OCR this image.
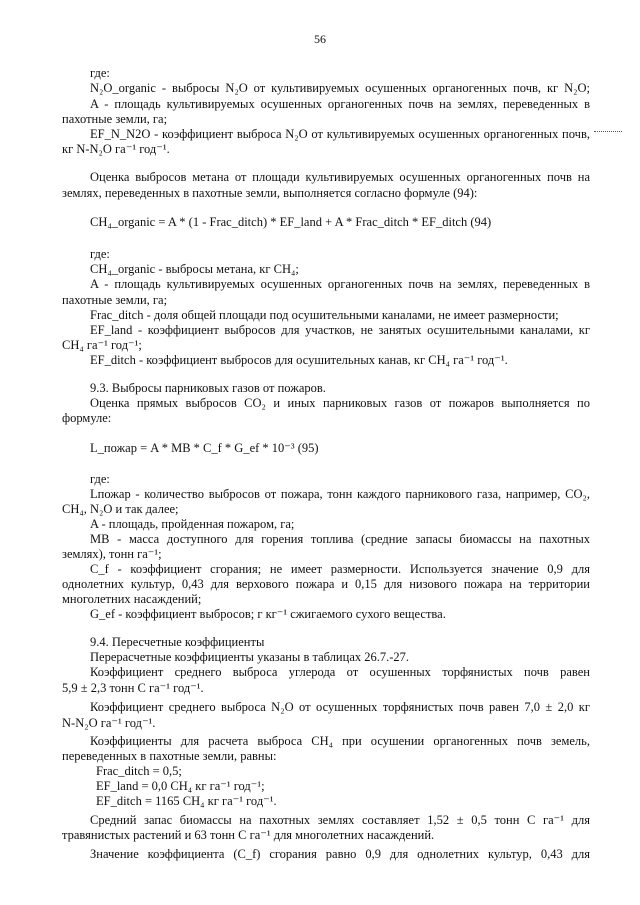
56
где:
N₂O_organic - выбросы N₂O от культивируемых осушенных органогенных почв, кг N₂O;
A - площадь культивируемых осушенных органогенных почв на землях, переведенных в
пахотные земли, га;
EF_N_N2O - коэффициент выброса N₂O от культивируемых осушенных органогенных почв,
кг N-N₂O га⁻¹ год⁻¹.
Оценка выбросов метана от площади культивируемых осушенных органогенных почв на
землях, переведенных в пахотные земли, выполняется согласно формуле (94):
CH₄_organic = A * (1 - Frac_ditch) * EF_land + A * Frac_ditch * EF_ditch (94)
где:
CH₄_organic - выбросы метана, кг CH₄;
A - площадь культивируемых осушенных органогенных почв на землях, переведенных в
пахотные земли, га;
Frac_ditch - доля общей площади под осушительными каналами, не имеет размерности;
EF_land - коэффициент выбросов для участков, не занятых осушительными каналами, кг
CH₄ га⁻¹ год⁻¹;
EF_ditch - коэффициент выбросов для осушительных канав, кг CH₄ га⁻¹ год⁻¹.
9.3. Выбросы парниковых газов от пожаров.
Оценка прямых выбросов CO₂ и иных парниковых газов от пожаров выполняется по
формуле:
L_пожар = A * MB * C_f * G_ef * 10⁻³ (95)
где:
Lпожар - количество выбросов от пожара, тонн каждого парникового газа, например, CO₂,
CH₄, N₂O и так далее;
A - площадь, пройденная пожаром, га;
MB - масса доступного для горения топлива (средние запасы биомассы на пахотных
землях), тонн га⁻¹;
C_f - коэффициент сгорания; не имеет размерности. Используется значение 0,9 для
однолетних культур, 0,43 для верхового пожара и 0,15 для низового пожара на территории
многолетних насаждений;
G_ef - коэффициент выбросов; г кг⁻¹ сжигаемого сухого вещества.
9.4. Пересчетные коэффициенты
Перерасчетные коэффициенты указаны в таблицах 26.7.-27.
Коэффициент среднего выброса углерода от осушенных торфянистых почв равен
5,9 ± 2,3 тонн C га⁻¹ год⁻¹.
Коэффициент среднего выброса N₂O от осушенных торфянистых почв равен 7,0 ± 2,0 кг
N-N₂O га⁻¹ год⁻¹.
Коэффициенты для расчета выброса CH₄ при осушении органогенных почв земель,
переведенных в пахотные земли, равны:
Frac_ditch = 0,5;
EF_land = 0,0 CH₄ кг га⁻¹ год⁻¹;
EF_ditch = 1165 CH₄ кг га⁻¹ год⁻¹.
Средний запас биомассы на пахотных землях составляет 1,52 ± 0,5 тонн C га⁻¹ для
травянистых растений и 63 тонн C га⁻¹ для многолетних насаждений.
Значение коэффициента (C_f) сгорания равно 0,9 для однолетних культур, 0,43 для
